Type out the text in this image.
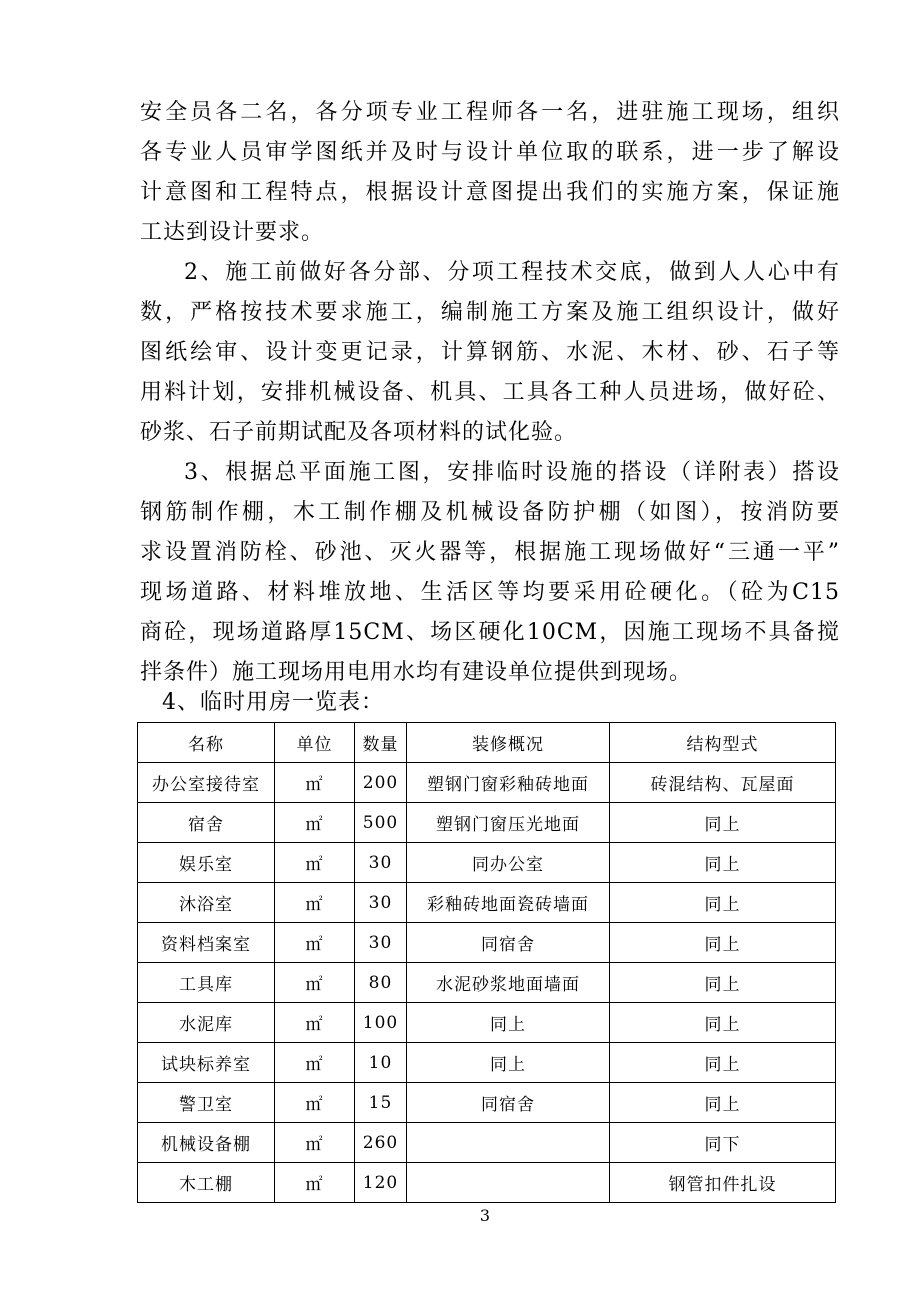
安全员各二名，各分项专业工程师各一名，进驻施工现场，组织
各专业人员审学图纸并及时与设计单位取的联系，进一步了解设
计意图和工程特点，根据设计意图提出我们的实施方案，保证施
工达到设计要求。

2、施工前做好各分部、分项工程技术交底，做到人人心中有
数，严格按技术要求施工，编制施工方案及施工组织设计，做好
图纸绘审、设计变更记录，计算钢筋、水泥、木材、砂、石子等
用料计划，安排机械设备、机具、工具各工种人员进场，做好砼、
砂浆、石子前期试配及各项材料的试化验。

3、根据总平面施工图，安排临时设施的搭设（详附表）搭设
钢筋制作棚，木工制作棚及机械设备防护棚（如图），按消防要
求设置消防栓、砂池、灭火器等，根据施工现场做好“三通一平”
现场道路、材料堆放地、生活区等均要采用砼硬化。（砼为C15
商砼，现场道路厚15CM、场区硬化10CM，因施工现场不具备搅
拌条件）施工现场用电用水均有建设单位提供到现场。

4、临时用房一览表：

名称	单位	数量	装修概况	结构型式
办公室接待室	㎡	200	塑钢门窗彩釉砖地面	砖混结构、瓦屋面
宿舍	㎡	500	塑钢门窗压光地面	同上
娱乐室	㎡	30	同办公室	同上
沐浴室	㎡	30	彩釉砖地面瓷砖墙面	同上
资料档案室	㎡	30	同宿舍	同上
工具库	㎡	80	水泥砂浆地面墙面	同上
水泥库	㎡	100	同上	同上
试块标养室	㎡	10	同上	同上
警卫室	㎡	15	同宿舍	同上
机械设备棚	㎡	260		同下
木工棚	㎡	120		钢管扣件扎设
3
